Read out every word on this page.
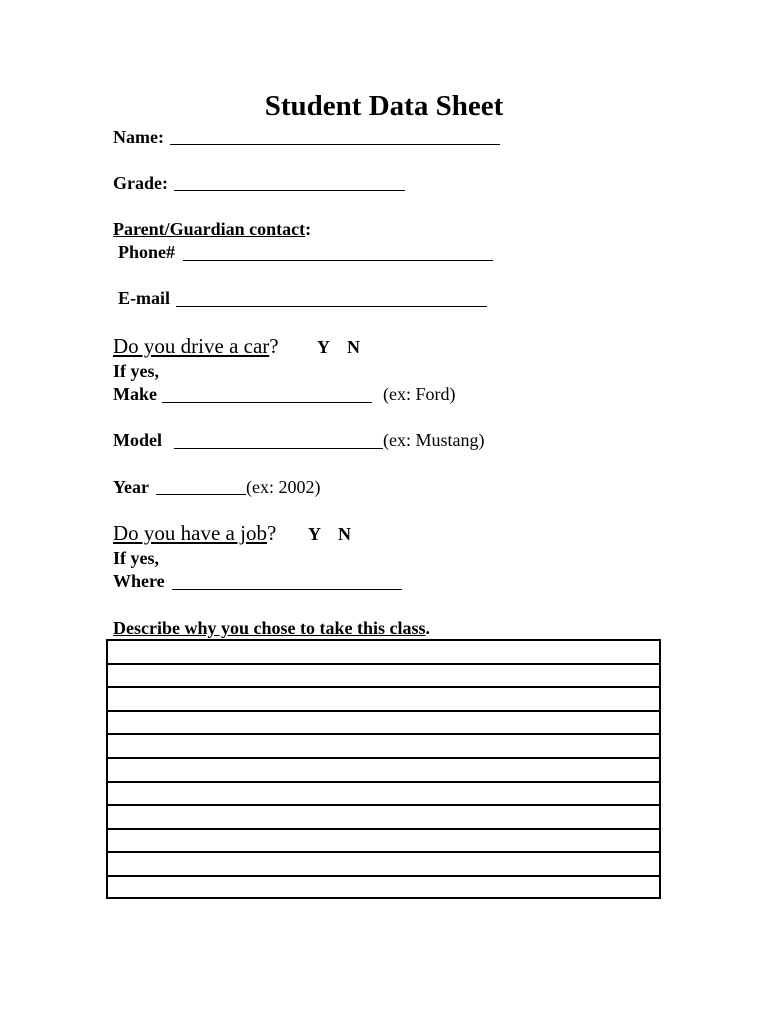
Student Data Sheet
Name:
Grade:
Parent/Guardian contact:
Phone#
E-mail
Do you drive a car? Y N
If yes,
Make	(ex: Ford)
Model	(ex: Mustang)
Year	(ex: 2002)
Do you have a job? Y N
If yes,
Where
Describe why you chose to take this class.
